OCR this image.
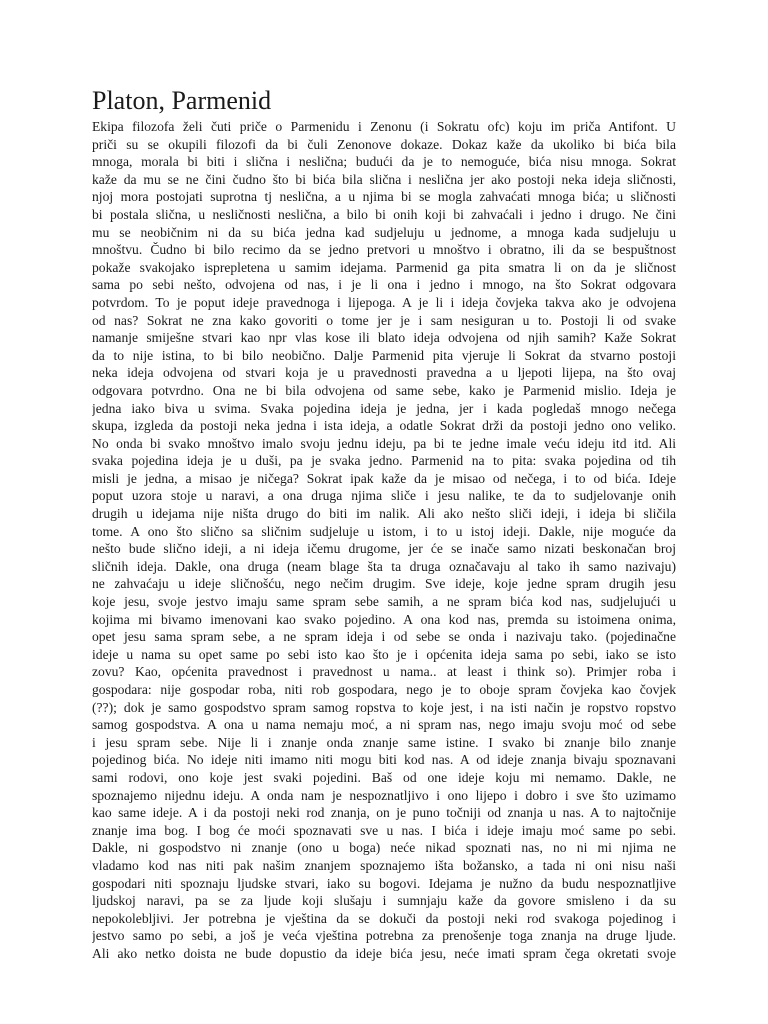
Platon, Parmenid
Ekipa filozofa želi čuti priče o Parmenidu i Zenonu (i Sokratu ofc) koju im priča Antifont. U
priči su se okupili filozofi da bi čuli Zenonove dokaze. Dokaz kaže da ukoliko bi bića bila
mnoga, morala bi biti i slična i neslična; budući da je to nemoguće, bića nisu mnoga. Sokrat
kaže da mu se ne čini čudno što bi bića bila slična i neslična jer ako postoji neka ideja sličnosti,
njoj mora postojati suprotna tj neslična, a u njima bi se mogla zahvaćati mnoga bića; u sličnosti
bi postala slična, u nesličnosti neslična, a bilo bi onih koji bi zahvaćali i jedno i drugo. Ne čini
mu se neobičnim ni da su bića jedna kad sudjeluju u jednome, a mnoga kada sudjeluju u
mnoštvu. Čudno bi bilo recimo da se jedno pretvori u mnoštvo i obratno, ili da se bespuštnost
pokaže svakojako isprepletena u samim idejama. Parmenid ga pita smatra li on da je sličnost
sama po sebi nešto, odvojena od nas, i je li ona i jedno i mnogo, na što Sokrat odgovara
potvrdom. To je poput ideje pravednoga i lijepoga. A je li i ideja čovjeka takva ako je odvojena
od nas? Sokrat ne zna kako govoriti o tome jer je i sam nesiguran u to. Postoji li od svake
namanje smiješne stvari kao npr vlas kose ili blato ideja odvojena od njih samih? Kaže Sokrat
da to nije istina, to bi bilo neobično. Dalje Parmenid pita vjeruje li Sokrat da stvarno postoji
neka ideja odvojena od stvari koja je u pravednosti pravedna a u ljepoti lijepa, na što ovaj
odgovara potvrdno. Ona ne bi bila odvojena od same sebe, kako je Parmenid mislio. Ideja je
jedna iako biva u svima. Svaka pojedina ideja je jedna, jer i kada pogledaš mnogo nečega
skupa, izgleda da postoji neka jedna i ista ideja, a odatle Sokrat drži da postoji jedno ono veliko.
No onda bi svako mnoštvo imalo svoju jednu ideju, pa bi te jedne imale veću ideju itd itd. Ali
svaka pojedina ideja je u duši, pa je svaka jedno. Parmenid na to pita: svaka pojedina od tih
misli je jedna, a misao je ničega? Sokrat ipak kaže da je misao od nečega, i to od bića. Ideje
poput uzora stoje u naravi, a ona druga njima sliče i jesu nalike, te da to sudjelovanje onih
drugih u idejama nije ništa drugo do biti im nalik. Ali ako nešto sliči ideji, i ideja bi sličila
tome. A ono što slično sa sličnim sudjeluje u istom, i to u istoj ideji. Dakle, nije moguće da
nešto bude slično ideji, a ni ideja ičemu drugome, jer će se inače samo nizati beskonačan broj
sličnih ideja. Dakle, ona druga (neam blage šta ta druga označavaju al tako ih samo nazivaju)
ne zahvaćaju u ideje sličnošću, nego nečim drugim. Sve ideje, koje jedne spram drugih jesu
koje jesu, svoje jestvo imaju same spram sebe samih, a ne spram bića kod nas, sudjelujući u
kojima mi bivamo imenovani kao svako pojedino. A ona kod nas, premda su istoimena onima,
opet jesu sama spram sebe, a ne spram ideja i od sebe se onda i nazivaju tako. (pojedinačne
ideje u nama su opet same po sebi isto kao što je i općenita ideja sama po sebi, iako se isto
zovu? Kao, općenita pravednost i pravednost u nama.. at least i think so). Primjer roba i
gospodara: nije gospodar roba, niti rob gospodara, nego je to oboje spram čovjeka kao čovjek
(??); dok je samo gospodstvo spram samog ropstva to koje jest, i na isti način je ropstvo ropstvo
samog gospodstva. A ona u nama nemaju moć, a ni spram nas, nego imaju svoju moć od sebe
i jesu spram sebe. Nije li i znanje onda znanje same istine. I svako bi znanje bilo znanje
pojedinog bića. No ideje niti imamo niti mogu biti kod nas. A od ideje znanja bivaju spoznavani
sami rodovi, ono koje jest svaki pojedini. Baš od one ideje koju mi nemamo. Dakle, ne
spoznajemo nijednu ideju. A onda nam je nespoznatljivo i ono lijepo i dobro i sve što uzimamo
kao same ideje. A i da postoji neki rod znanja, on je puno točniji od znanja u nas. A to najtočnije
znanje ima bog. I bog će moći spoznavati sve u nas. I bića i ideje imaju moć same po sebi.
Dakle, ni gospodstvo ni znanje (ono u boga) neće nikad spoznati nas, no ni mi njima ne
vladamo kod nas niti pak našim znanjem spoznajemo išta božansko, a tada ni oni nisu naši
gospodari niti spoznaju ljudske stvari, iako su bogovi. Idejama je nužno da budu nespoznatljive
ljudskoj naravi, pa se za ljude koji slušaju i sumnjaju kaže da govore smisleno i da su
nepokolebljivi. Jer potrebna je vještina da se dokuči da postoji neki rod svakoga pojedinog i
jestvo samo po sebi, a još je veća vještina potrebna za prenošenje toga znanja na druge ljude.
Ali ako netko doista ne bude dopustio da ideje bića jesu, neće imati spram čega okretati svoje
